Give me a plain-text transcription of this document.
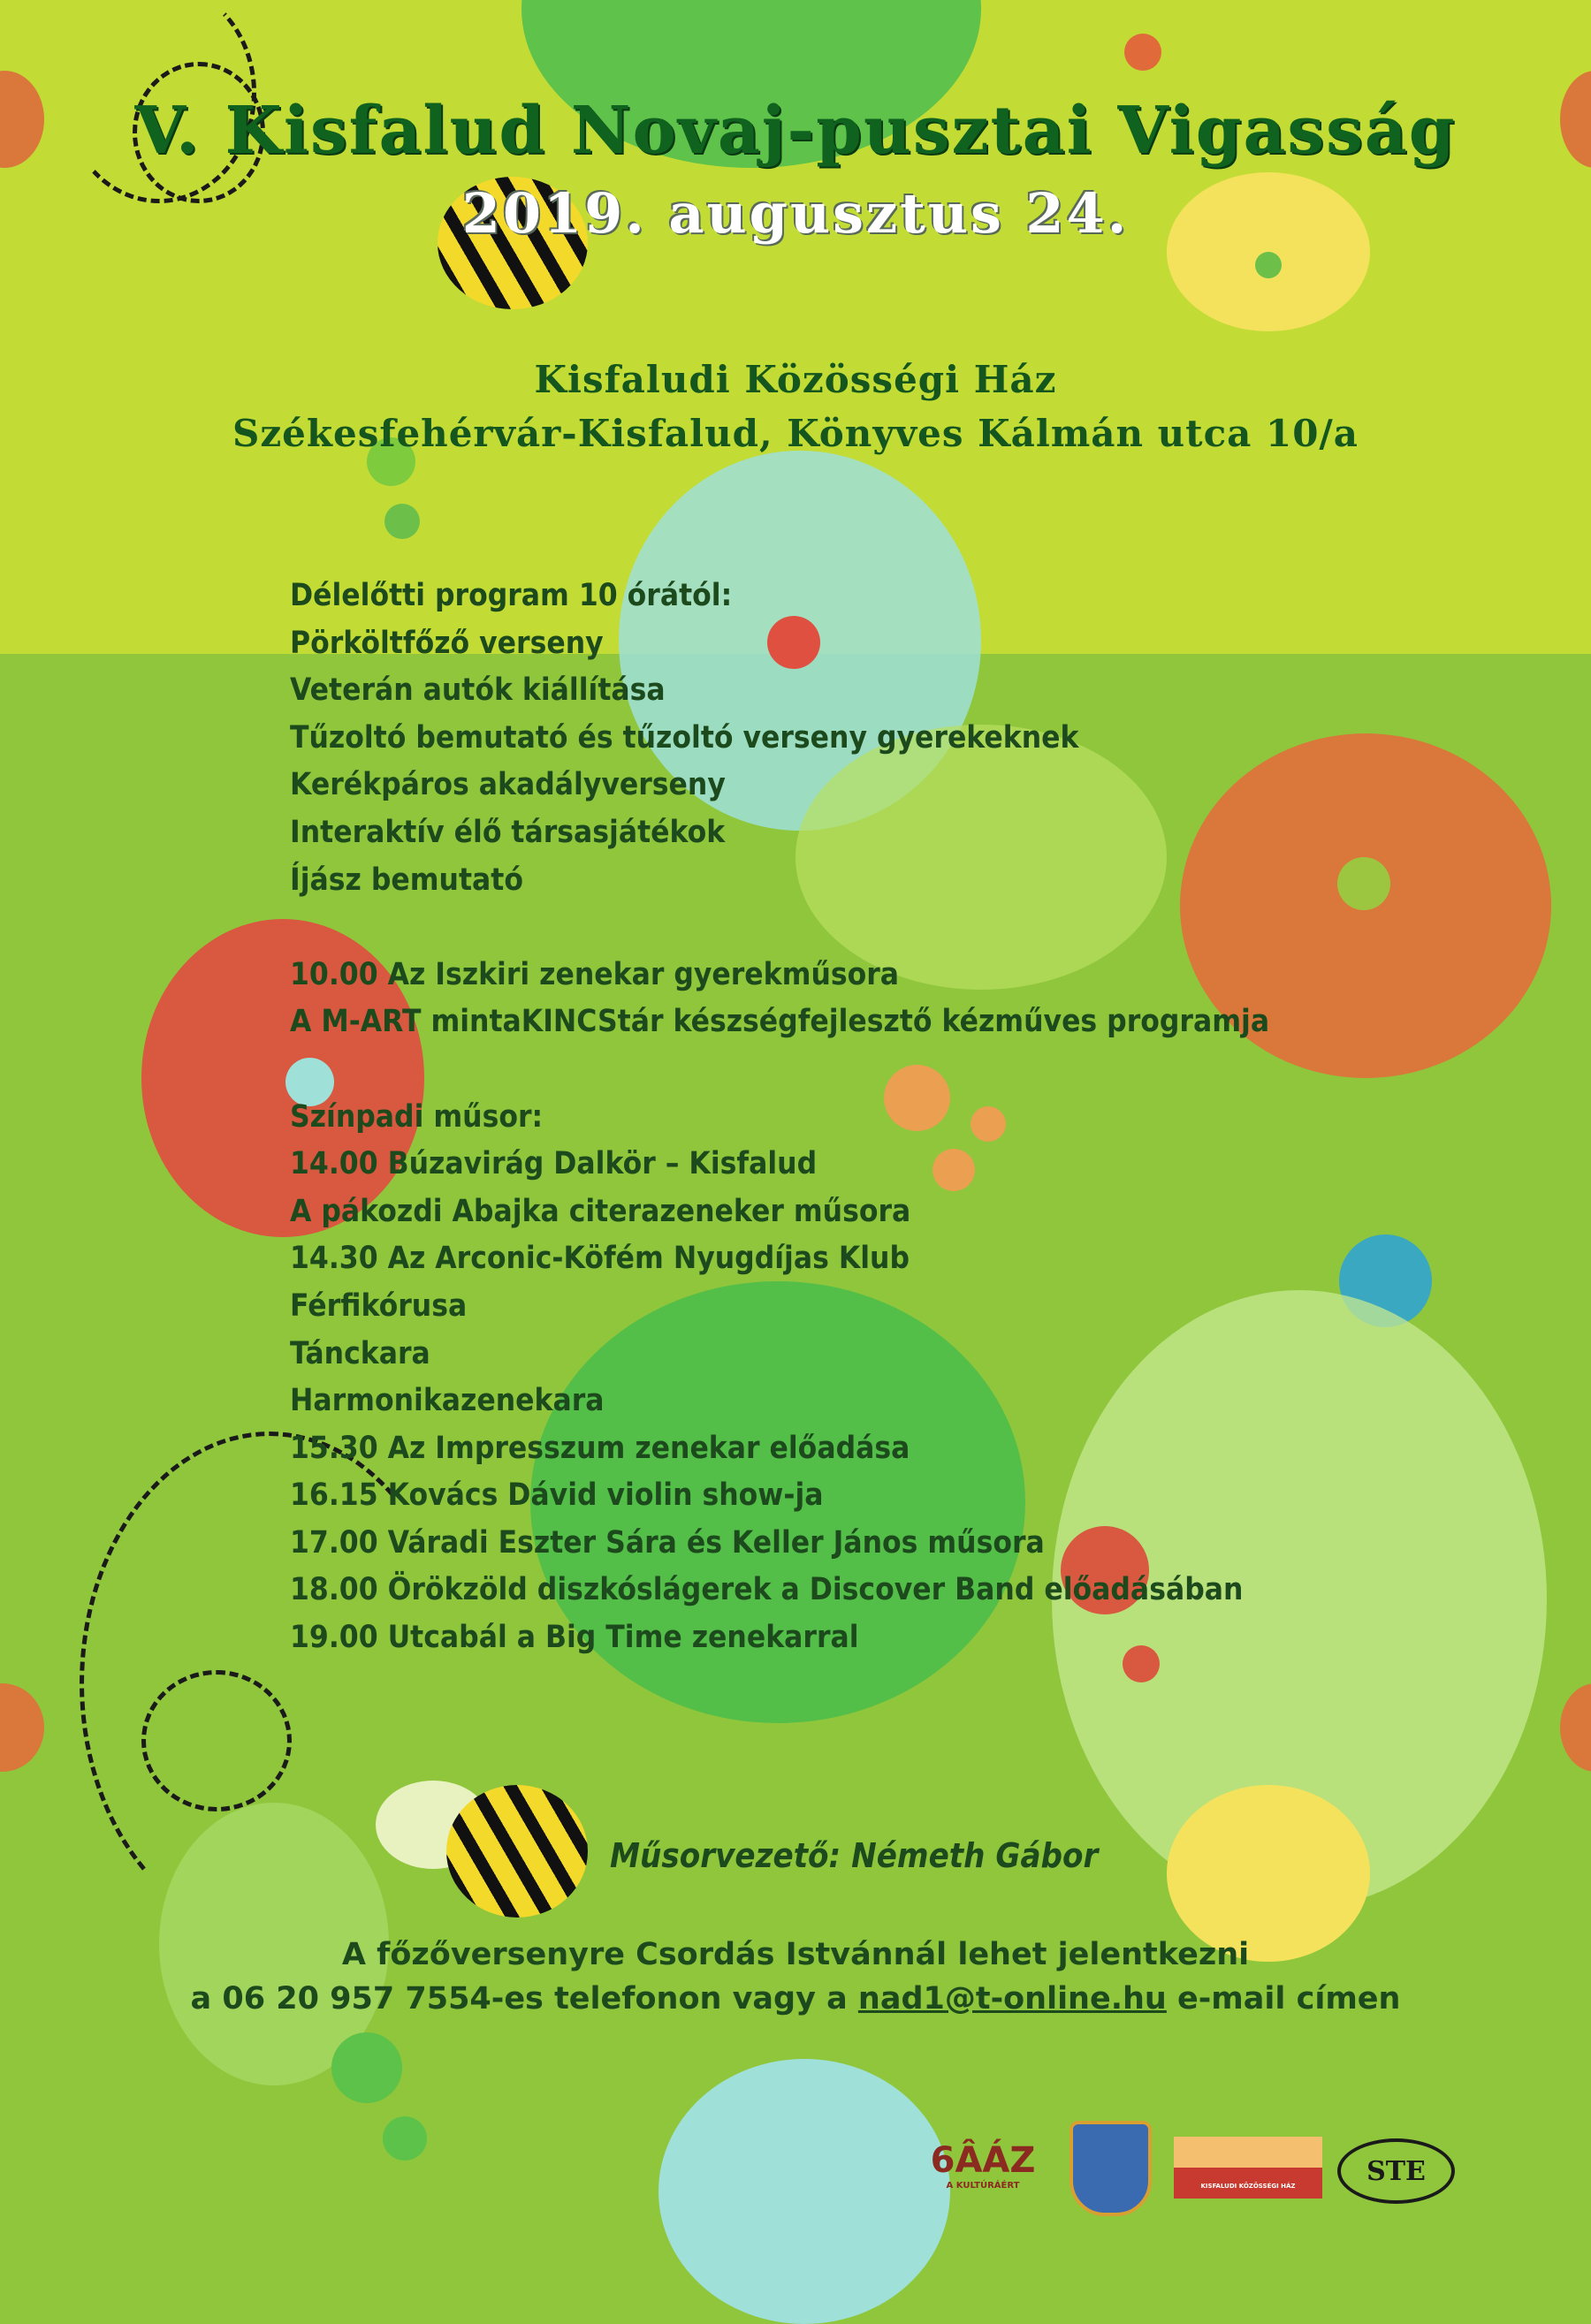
V. Kisfalud Novaj-pusztai Vigasság
2019. augusztus 24.
Kisfaludi Közösségi Ház
Székesfehérvár-Kisfalud, Könyves Kálmán utca 10/a
Délelőtti program 10 órától:
Pörköltfőző verseny
Veterán autók kiállítása
Tűzoltó bemutató és tűzoltó verseny gyerekeknek
Kerékpáros akadályverseny
Interaktív élő társasjátékok
Íjász bemutató
10.00 Az Iszkiri zenekar gyerekműsora
A M-ART mintaKINCStár készségfejlesztő kézműves programja
Színpadi műsor:
14.00 Búzavirág Dalkör – Kisfalud
A pákozdi Abajka citerazeneker műsora
14.30 Az Arconic-Köfém Nyugdíjas Klub
Férfikórusa
Tánckara
Harmonikazenekara
15.30 Az Impresszum zenekar előadása
16.15 Kovács Dávid violin show-ja
17.00 Váradi Eszter Sára és Keller János műsora
18.00 Örökzöld diszkóslágerek a Discover Band előadásában
19.00 Utcabál a Big Time zenekarral
Műsorvezető: Németh Gábor
A főzőversenyre Csordás Istvánnál lehet jelentkezni
a 06 20 957 7554-es telefonon vagy a nad1@t-online.hu e-mail címen
6ÂÁZ
A KULTÚRÁÉRT	KISFALUDI KÖZÖSSÉGI HÁZ	STE
